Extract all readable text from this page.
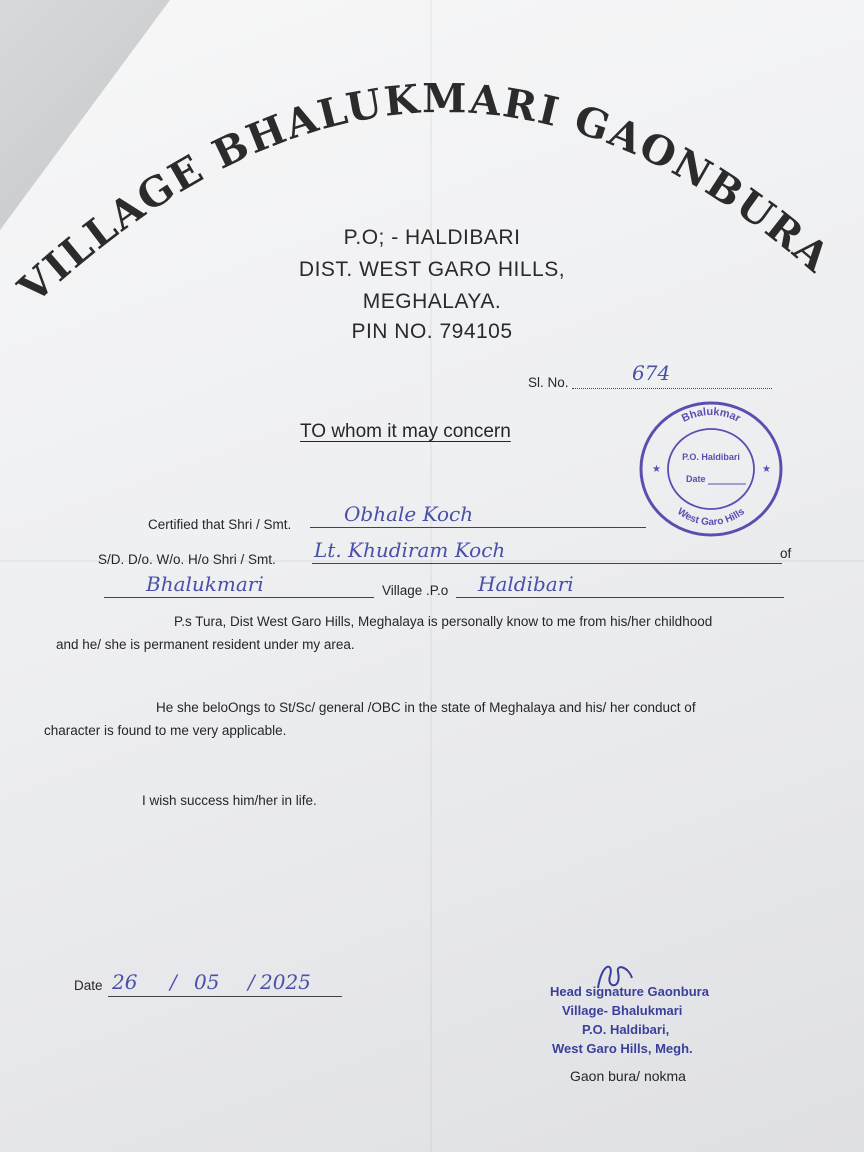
VILLAGE BHALUKMARI GAONBURA
P.O; - HALDIBARI
DIST. WEST GARO HILLS,
MEGHALAYA.
PIN NO. 794105
Sl. No.	674
TO whom it may concern
Bhalukmar
West Garo Hills
P.O. Haldibari
Date
★	★
Certified that Shri / Smt.	Obhale Koch
S/D. D/o. W/o. H/o Shri / Smt. Lt. Khudiram Koch	of
Bhalukmari	Village .P.o Haldibari
P.s Tura, Dist West Garo Hills, Meghalaya is personally know to me from his/her childhood
and he/ she is permanent resident under my area.
He she beloOngs to St/Sc/ general /OBC in the state of Meghalaya and his/ her conduct of
character is found to me very applicable.
I wish success him/her in life.
Date 26 / 05 / 2025	Head signature Gaonbura
Village- Bhalukmari
P.O. Haldibari,
West Garo Hills, Megh.
Gaon bura/ nokma
